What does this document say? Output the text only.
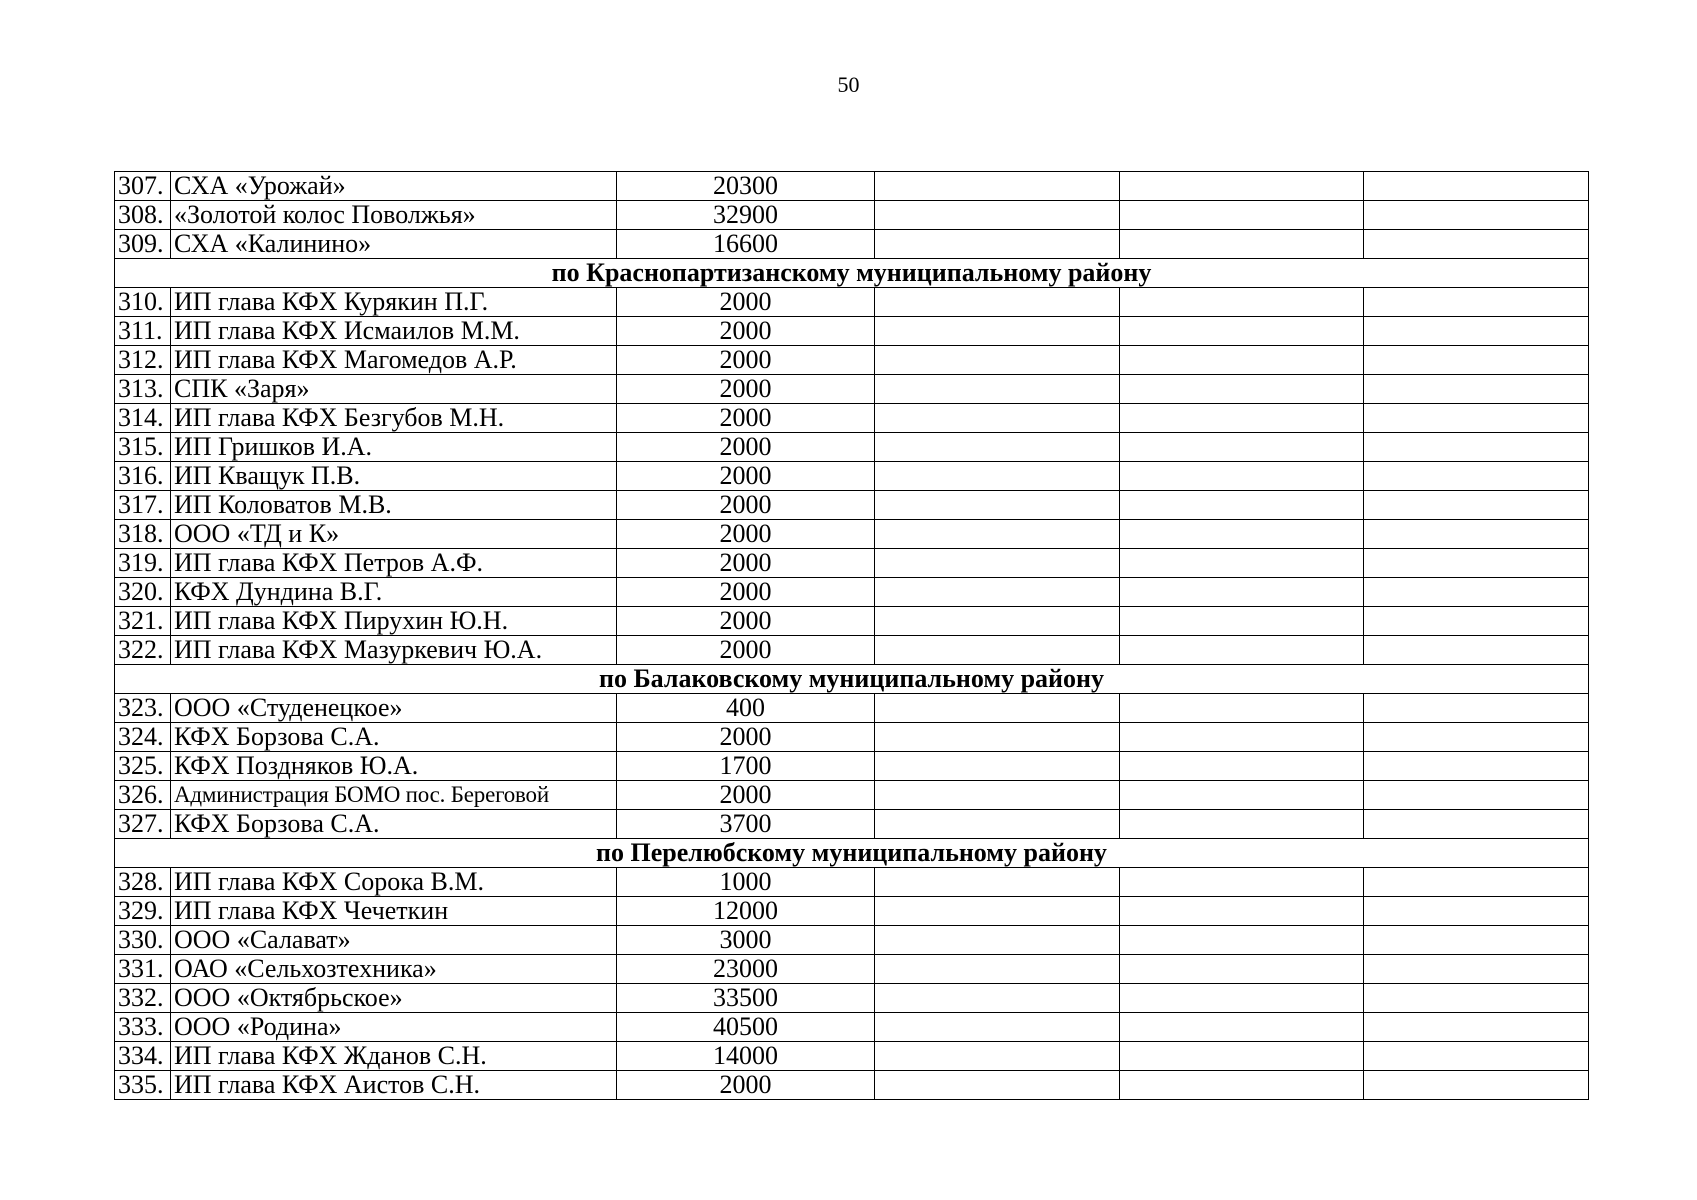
50
307.	СХА «Урожай»	20300			
308.	«Золотой колос Поволжья»	32900			
309.	СХА «Калинино»	16600			
по Краснопартизанскому муниципальному району					
310.	ИП глава КФХ Курякин П.Г.	2000			
311.	ИП глава КФХ Исмаилов М.М.	2000			
312.	ИП глава КФХ Магомедов А.Р.	2000			
313.	СПК «Заря»	2000			
314.	ИП глава КФХ Безгубов М.Н.	2000			
315.	ИП Гришков И.А.	2000			
316.	ИП Кващук П.В.	2000			
317.	ИП Коловатов М.В.	2000			
318.	ООО «ТД и К»	2000			
319.	ИП глава КФХ Петров А.Ф.	2000			
320.	КФХ Дундина В.Г.	2000			
321.	ИП глава КФХ Пирухин Ю.Н.	2000			
322.	ИП глава КФХ Мазуркевич Ю.А.	2000			
по Балаковскому муниципальному району					
323.	ООО «Студенецкое»	400			
324.	КФХ Борзова С.А.	2000			
325.	КФХ Поздняков Ю.А.	1700			
326.	Администрация БОМО пос. Береговой	2000			
327.	КФХ Борзова С.А.	3700			
по Перелюбскому муниципальному району					
328.	ИП глава КФХ Сорока В.М.	1000			
329.	ИП глава КФХ Чечеткин	12000			
330.	ООО «Салават»	3000			
331.	ОАО «Сельхозтехника»	23000			
332.	ООО «Октябрьское»	33500			
333.	ООО «Родина»	40500			
334.	ИП глава КФХ Жданов С.Н.	14000			
335.	ИП глава КФХ Аистов С.Н.	2000			
